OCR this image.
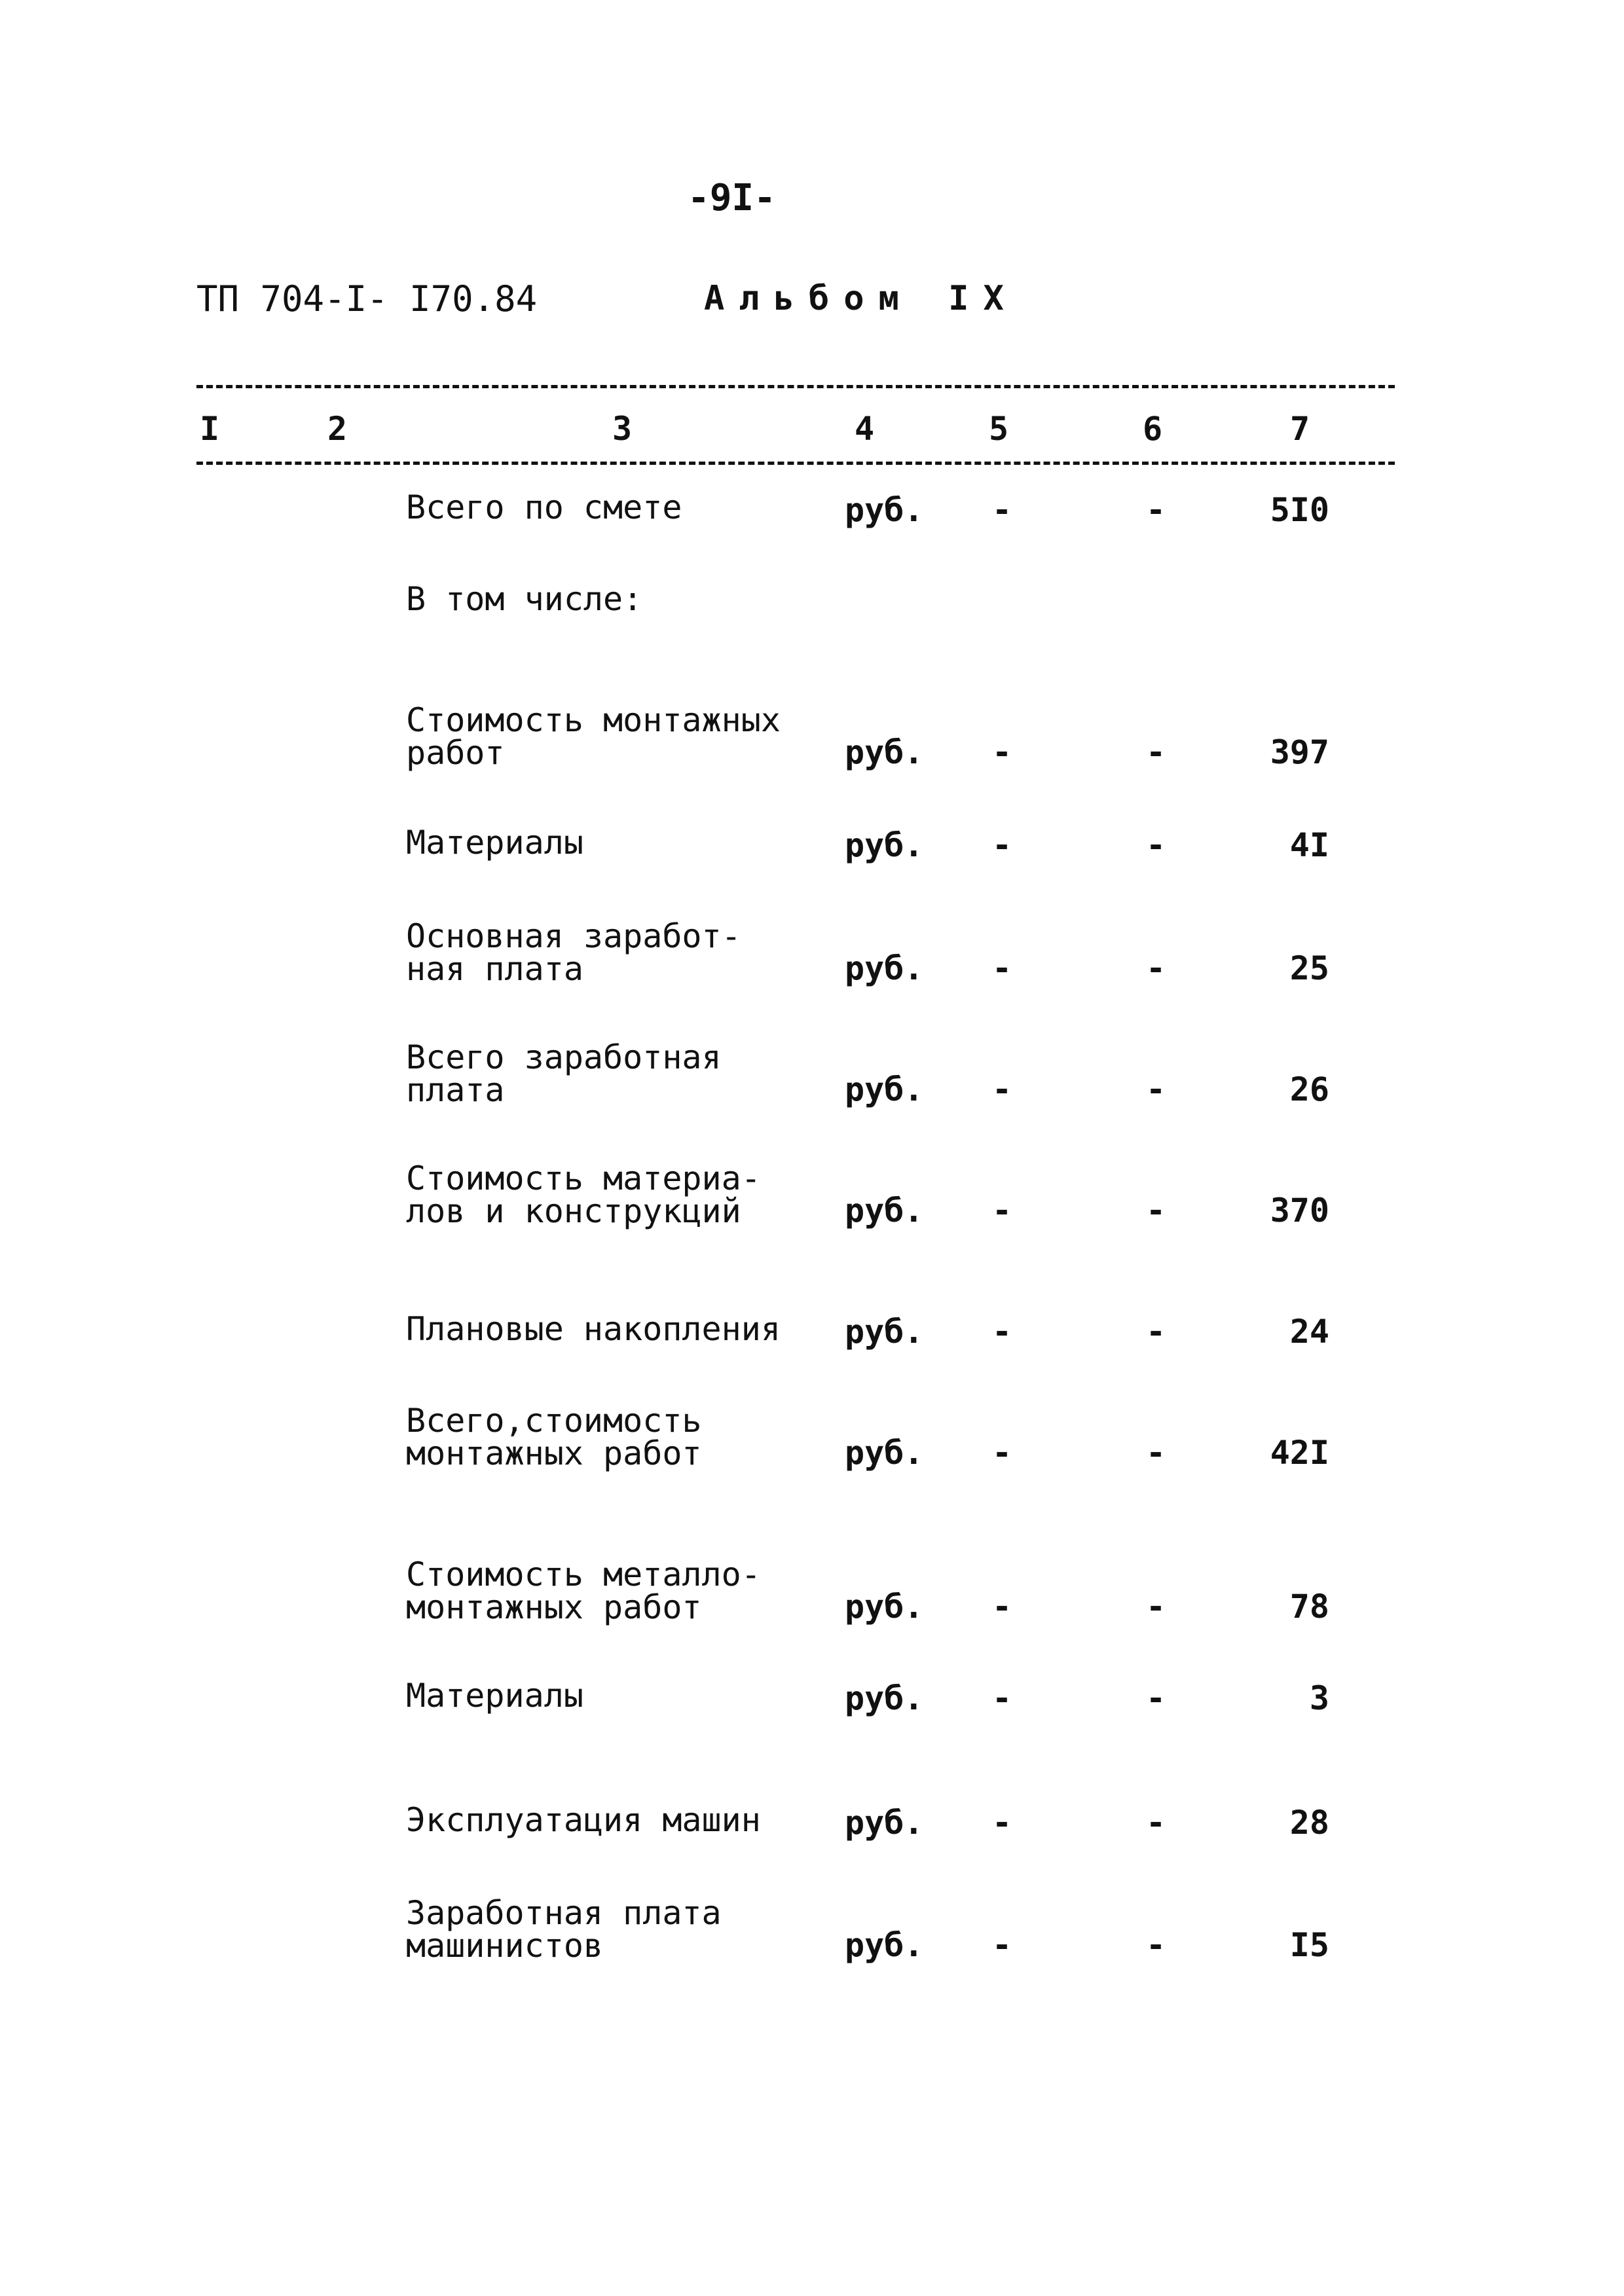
-9I-
ТП 704-I- I70.84	Альбом IX
I	2	3	4	5	6	7
Всего по смете	руб. -	-	5I0
В том числе:
Стоимость монтажных
работ	руб. -	-	397
Материалы	руб. -	-	4I
Основная заработ-
ная плата	руб. -	-	25
Всего заработная
плата	руб. -	-	26
Стоимость материа-
лов и конструкций	руб. -	-	370
Плановые накопления руб. -	-	24
Всего,стоимость
монтажных работ	руб. -	-	42I
Стоимость металло-
монтажных работ	руб. -	-	78
Материалы	руб. -	-	3
Эксплуатация машин	руб. -	-	28
Заработная плата
машинистов	руб. -	-	I5
